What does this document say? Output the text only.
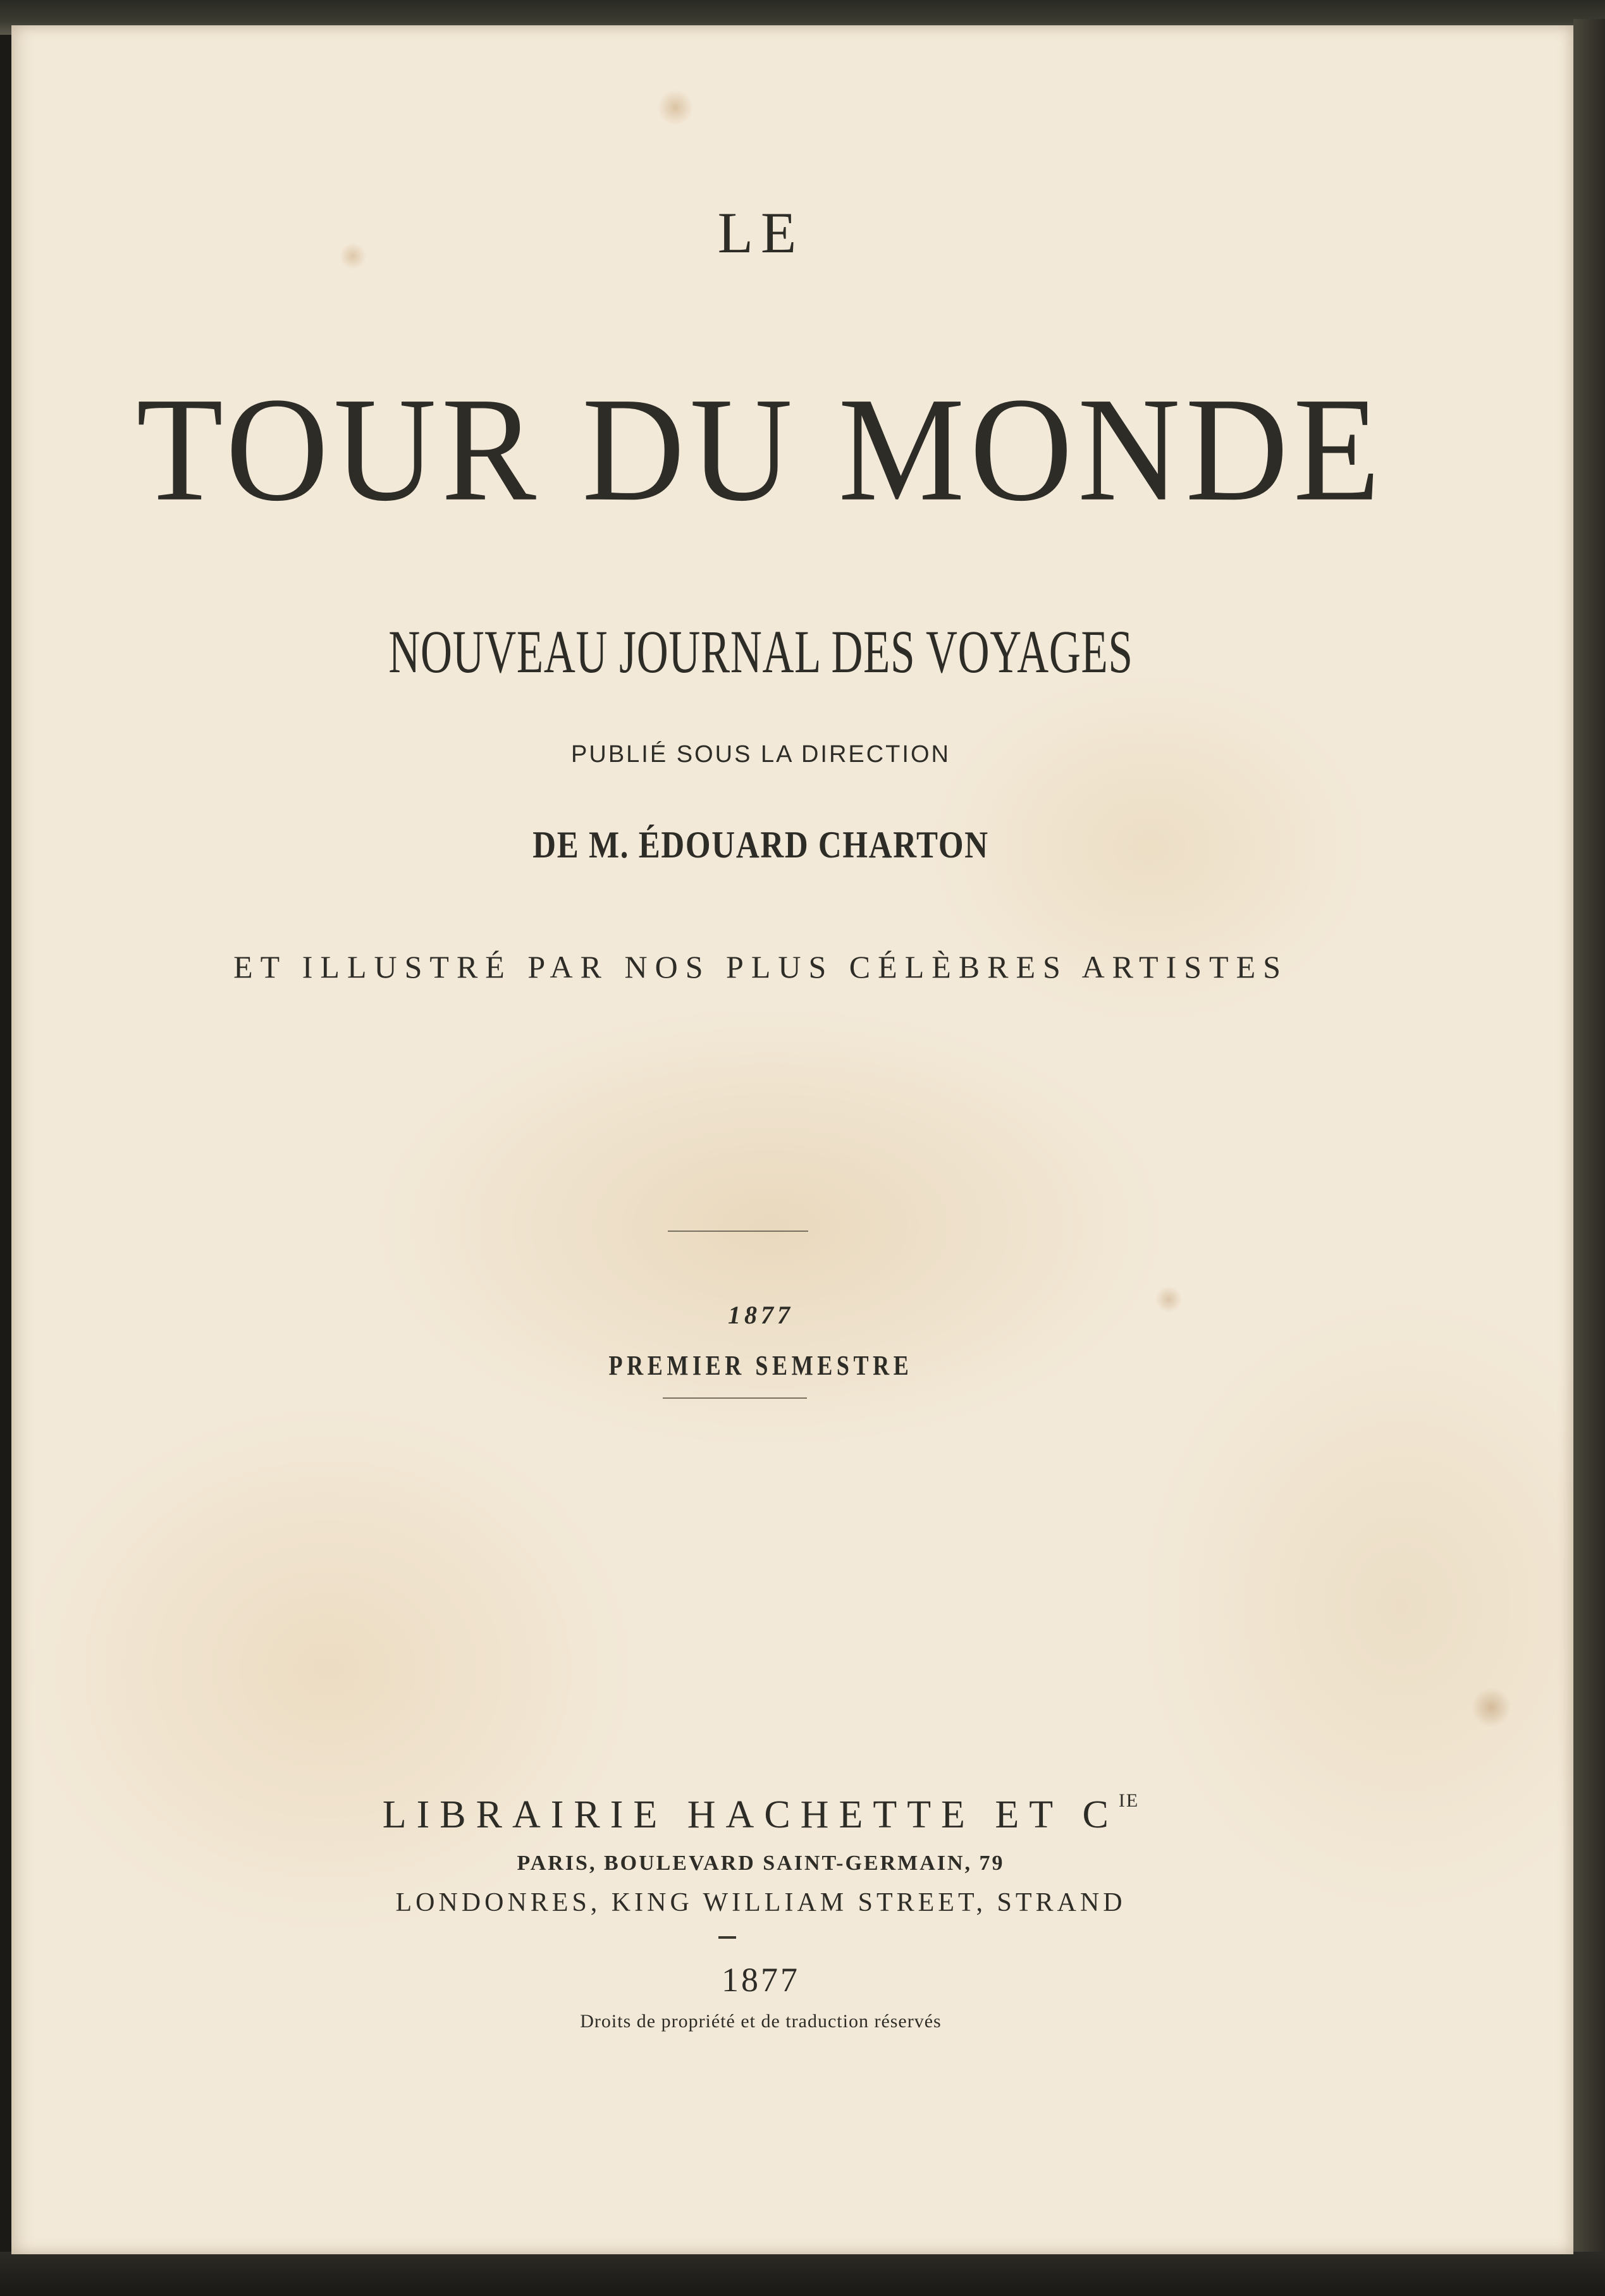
LE

TOUR DU MONDE

NOUVEAU JOURNAL DES VOYAGES

PUBLIÉ SOUS LA DIRECTION

DE M. ÉDOUARD CHARTON

ET ILLUSTRÉ PAR NOS PLUS CÉLÈBRES ARTISTES

1877

PREMIER SEMESTRE

LIBRAIRIE HACHETTE ET $C^{IE}$

PARIS, BOULEVARD SAINT-GERMAIN, 79

LONDONRES, KING WILLIAM STREET, STRAND

1877

Droits de propriété et de traduction réservés
